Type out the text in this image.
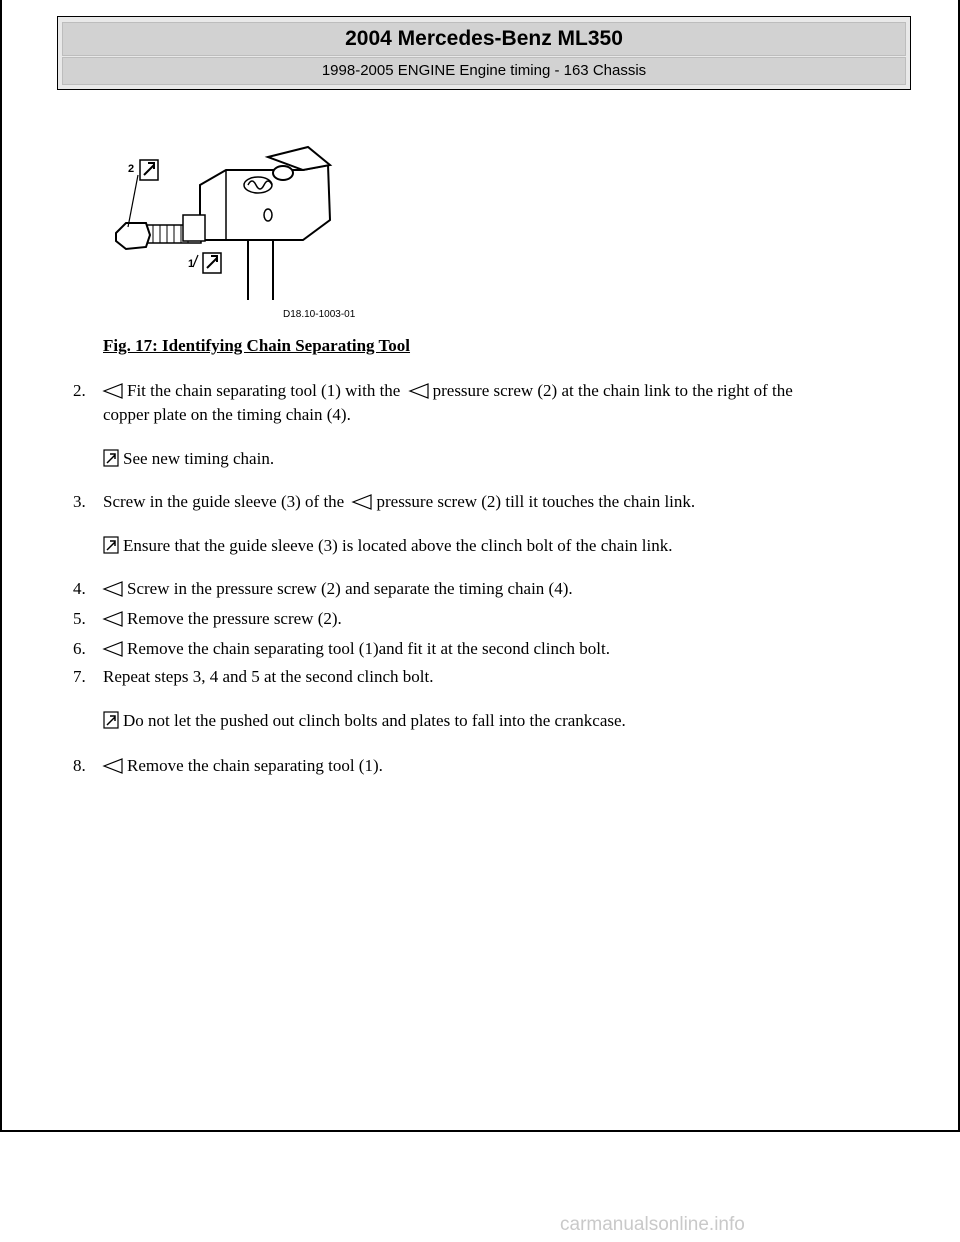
2004 Mercedes-Benz ML350
1998-2005 ENGINE Engine timing - 163 Chassis
2
1
D18.10-1003-01
Fig. 17: Identifying Chain Separating Tool
2.	Fit the chain separating tool (1) with the pressure screw (2) at the chain link to the right of the
copper plate on the timing chain (4).
See new timing chain.
3.	Screw in the guide sleeve (3) of the pressure screw (2) till it touches the chain link.
Ensure that the guide sleeve (3) is located above the clinch bolt of the chain link.
4.	Screw in the pressure screw (2) and separate the timing chain (4).
5.	Remove the pressure screw (2).
6.	Remove the chain separating tool (1)and fit it at the second clinch bolt.
7.	Repeat steps 3, 4 and 5 at the second clinch bolt.
Do not let the pushed out clinch bolts and plates to fall into the crankcase.
8.	Remove the chain separating tool (1).
carmanualsonline.info
